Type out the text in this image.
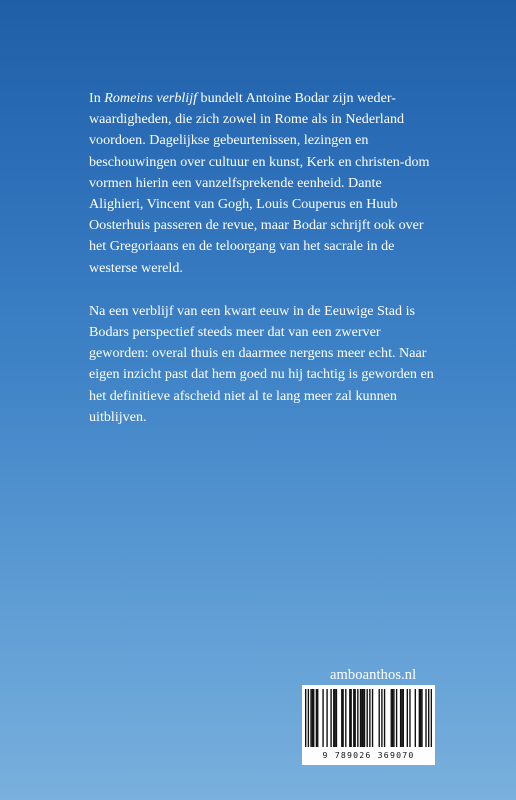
In Romeins verblijf bundelt Antoine Bodar zijn weder-waardigheden, die zich zowel in Rome als in Nederland voordoen. Dagelijkse gebeurtenissen, lezingen en beschouwingen over cultuur en kunst, Kerk en christen-dom vormen hierin een vanzelfsprekende eenheid. Dante Alighieri, Vincent van Gogh, Louis Couperus en Huub Oosterhuis passeren de revue, maar Bodar schrijft ook over het Gregoriaans en de teloorgang van het sacrale in de westerse wereld.

Na een verblijf van een kwart eeuw in de Eeuwige Stad is Bodars perspectief steeds meer dat van een zwerver geworden: overal thuis en daarmee nergens meer echt. Naar eigen inzicht past dat hem goed nu hij tachtig is geworden en het definitieve afscheid niet al te lang meer zal kunnen uitblijven.

amboanthos.nl
9 789026 369070
